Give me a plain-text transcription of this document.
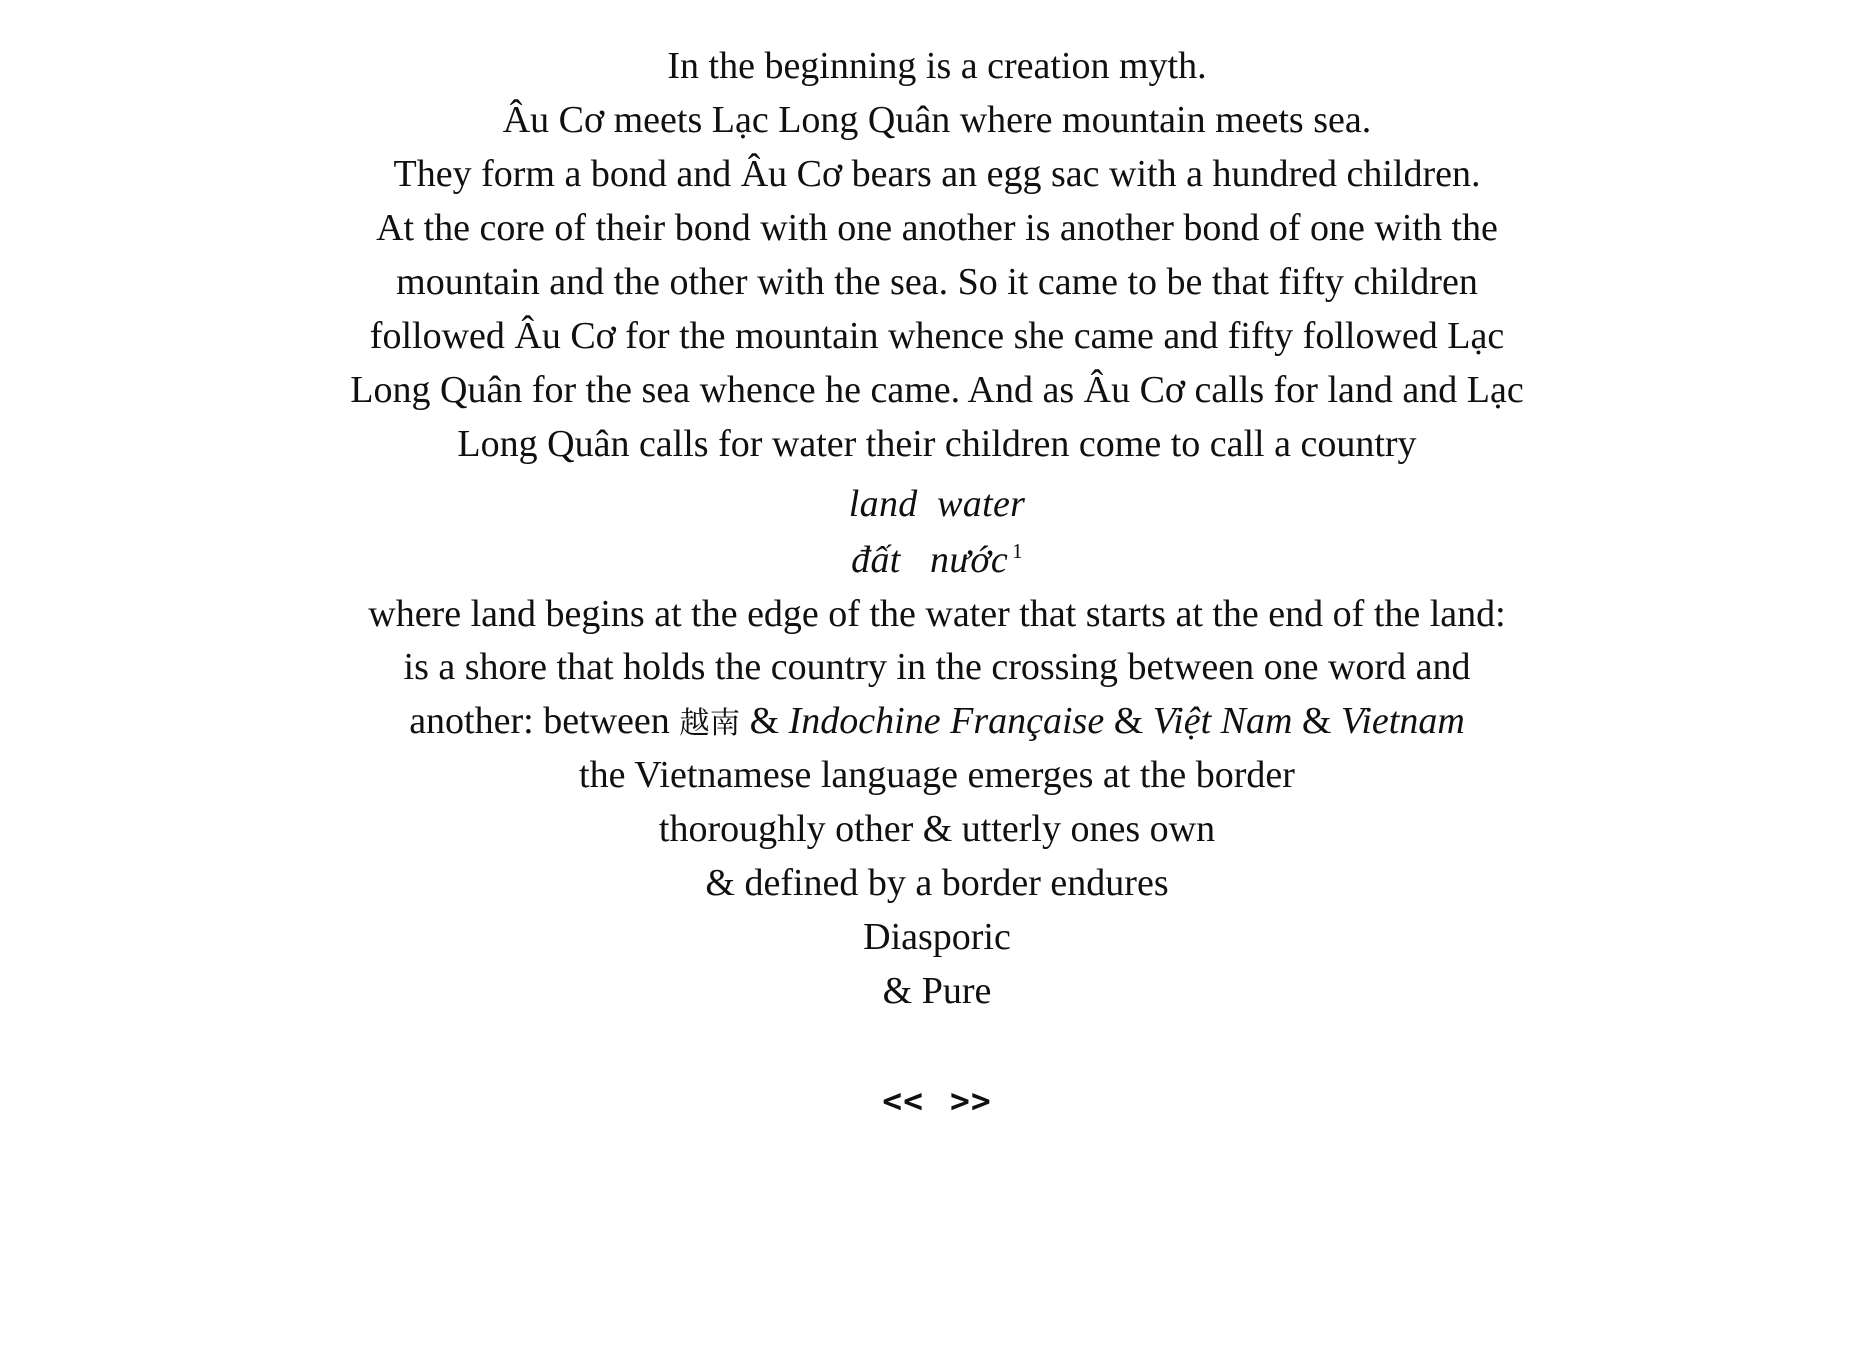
In the beginning is a creation myth.
Âu Cơ meets Lạc Long Quân where mountain meets sea.
They form a bond and Âu Cơ bears an egg sac with a hundred children.
At the core of their bond with one another is another bond of one with the
mountain and the other with the sea. So it came to be that fifty children
followed Âu Cơ for the mountain whence she came and fifty followed Lạc
Long Quân for the sea whence he came. And as Âu Cơ calls for land and Lạc
Long Quân calls for water their children come to call a country
land  water
đất   nước $^1$
where land begins at the edge of the water that starts at the end of the land:
is a shore that holds the country in the crossing between one word and
another: between 越南 & Indochine Française & Việt Nam & Vietnam
the Vietnamese language emerges at the border
thoroughly other & utterly ones own
& defined by a border endures
Diasporic
& Pure
<< >>
